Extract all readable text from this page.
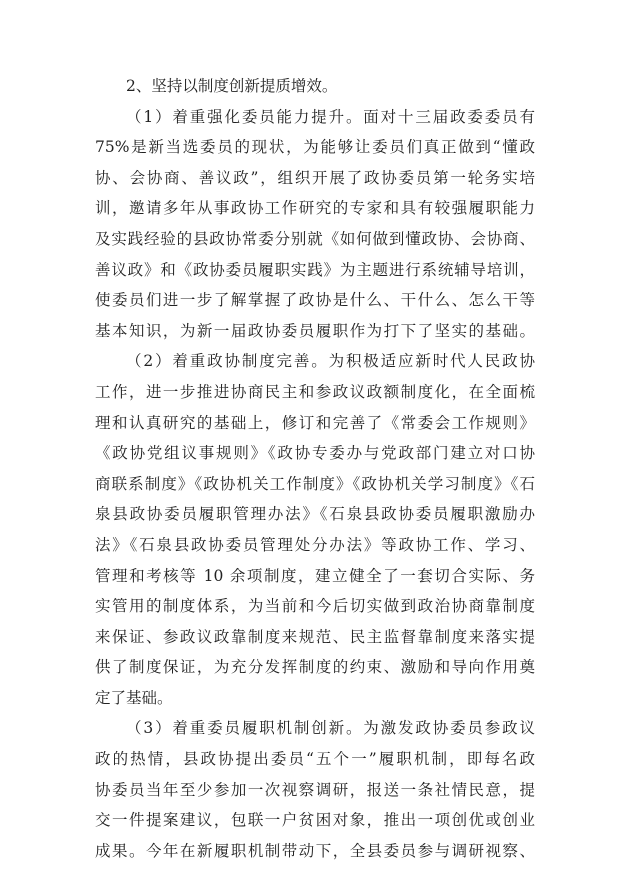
2、坚持以制度创新提质增效。
（1）着重强化委员能力提升。面对十三届政委委员有
75%是新当选委员的现状，为能够让委员们真正做到“懂政
协、会协商、善议政”，组织开展了政协委员第一轮务实培
训，邀请多年从事政协工作研究的专家和具有较强履职能力
及实践经验的县政协常委分别就《如何做到懂政协、会协商、
善议政》和《政协委员履职实践》为主题进行系统辅导培训，
使委员们进一步了解掌握了政协是什么、干什么、怎么干等
基本知识，为新一届政协委员履职作为打下了坚实的基础。
（2）着重政协制度完善。为积极适应新时代人民政协
工作，进一步推进协商民主和参政议政额制度化，在全面梳
理和认真研究的基础上，修订和完善了《常委会工作规则》
《政协党组议事规则》《政协专委办与党政部门建立对口协
商联系制度》《政协机关工作制度》《政协机关学习制度》《石
泉县政协委员履职管理办法》《石泉县政协委员履职激励办
法》《石泉县政协委员管理处分办法》等政协工作、学习、
管理和考核等 10 余项制度，建立健全了一套切合实际、务
实管用的制度体系，为当前和今后切实做到政治协商靠制度
来保证、参政议政靠制度来规范、民主监督靠制度来落实提
供了制度保证，为充分发挥制度的约束、激励和导向作用奠
定了基础。
（3）着重委员履职机制创新。为激发政协委员参政议
政的热情，县政协提出委员“五个一”履职机制，即每名政
协委员当年至少参加一次视察调研，报送一条社情民意，提
交一件提案建议，包联一户贫困对象，推出一项创优或创业
成果。今年在新履职机制带动下，全县委员参与调研视察、
